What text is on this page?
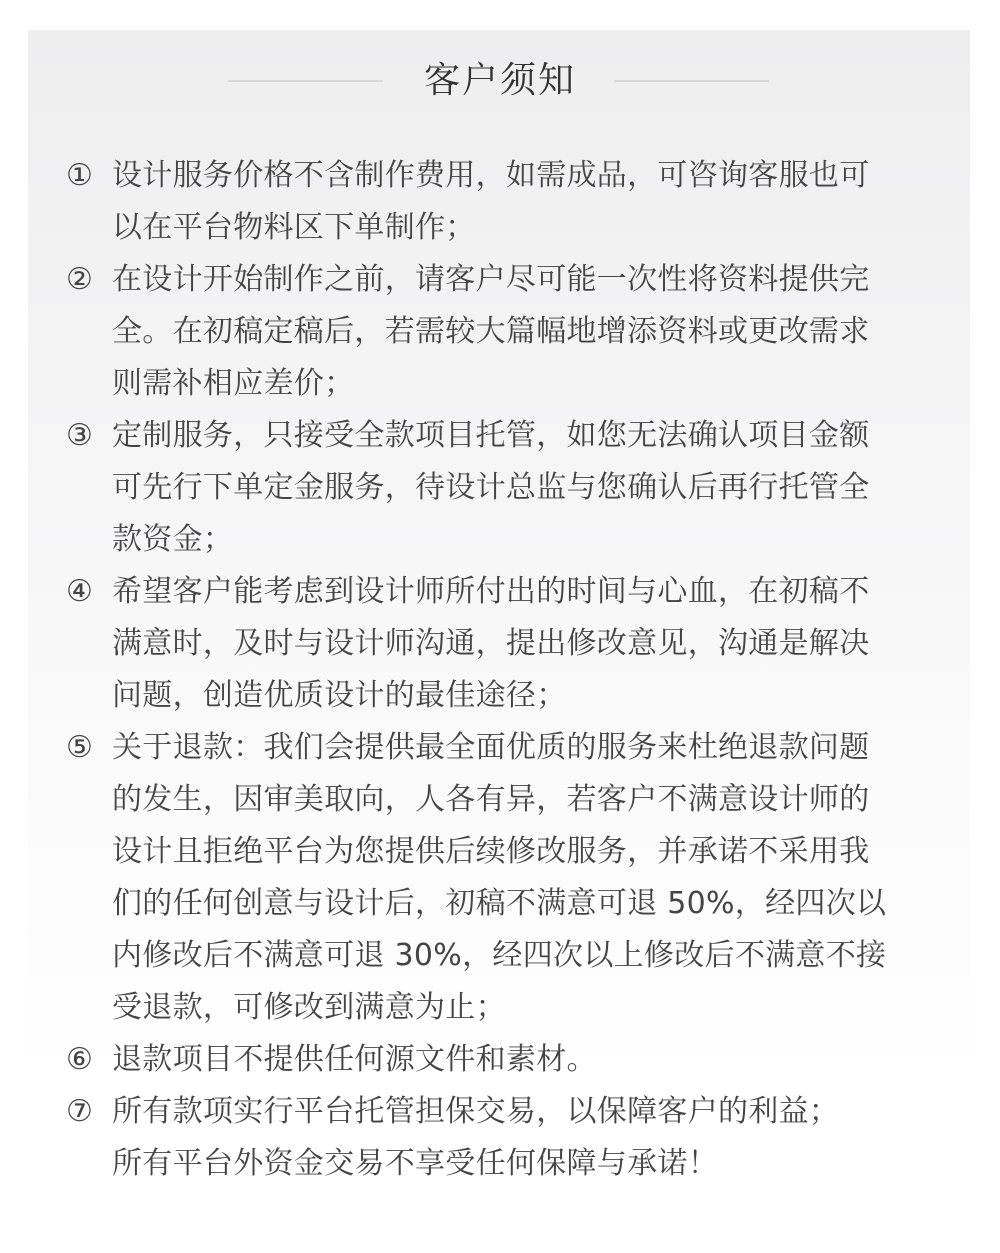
客户须知
① 设计服务价格不含制作费用，如需成品，可咨询客服也可
以在平台物料区下单制作；
② 在设计开始制作之前，请客户尽可能一次性将资料提供完
全。在初稿定稿后，若需较大篇幅地增添资料或更改需求
则需补相应差价；
③ 定制服务，只接受全款项目托管，如您无法确认项目金额
可先行下单定金服务，待设计总监与您确认后再行托管全
款资金；
④ 希望客户能考虑到设计师所付出的时间与心血，在初稿不
满意时，及时与设计师沟通，提出修改意见，沟通是解决
问题，创造优质设计的最佳途径；
⑤ 关于退款：我们会提供最全面优质的服务来杜绝退款问题
的发生，因审美取向，人各有异，若客户不满意设计师的
设计且拒绝平台为您提供后续修改服务，并承诺不采用我
们的任何创意与设计后，初稿不满意可退 50%，经四次以
内修改后不满意可退 30%，经四次以上修改后不满意不接
受退款，可修改到满意为止；
⑥ 退款项目不提供任何源文件和素材。
⑦ 所有款项实行平台托管担保交易，以保障客户的利益；
所有平台外资金交易不享受任何保障与承诺！
